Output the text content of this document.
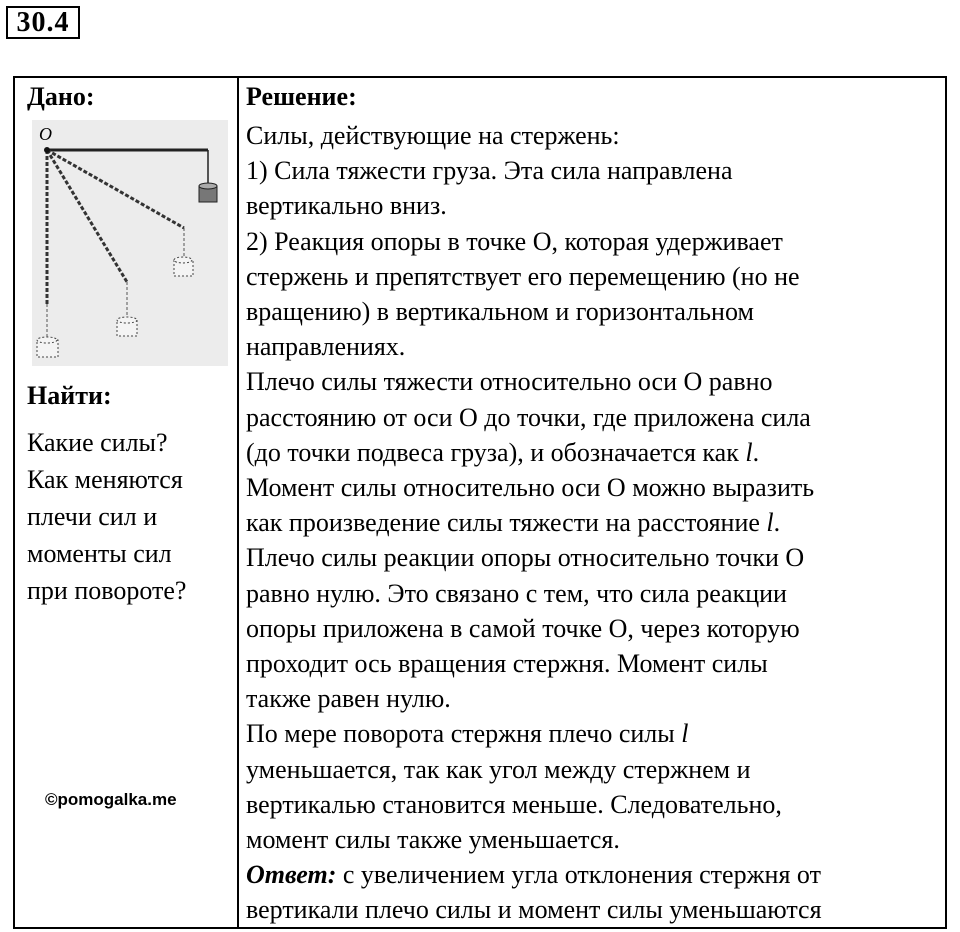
30.4
Дано:
O
Найти:
Какие силы?
Как меняются
плечи сил и
моменты сил
при повороте?
©pomogalka.me
Решение:
Силы, действующие на стержень:
1) Сила тяжести груза. Эта сила направлена
вертикально вниз.
2) Реакция опоры в точке О, которая удерживает
стержень и препятствует его перемещению (но не
вращению) в вертикальном и горизонтальном
направлениях.
Плечо силы тяжести относительно оси О равно
расстоянию от оси О до точки, где приложена сила
(до точки подвеса груза), и обозначается как l.
Момент силы относительно оси О можно выразить
как произведение силы тяжести на расстояние l.
Плечо силы реакции опоры относительно точки О
равно нулю. Это связано с тем, что сила реакции
опоры приложена в самой точке О, через которую
проходит ось вращения стержня. Момент силы
также равен нулю.
По мере поворота стержня плечо силы l
уменьшается, так как угол между стержнем и
вертикалью становится меньше. Следовательно,
момент силы также уменьшается.
Ответ: с увеличением угла отклонения стержня от
вертикали плечо силы и момент силы уменьшаются
